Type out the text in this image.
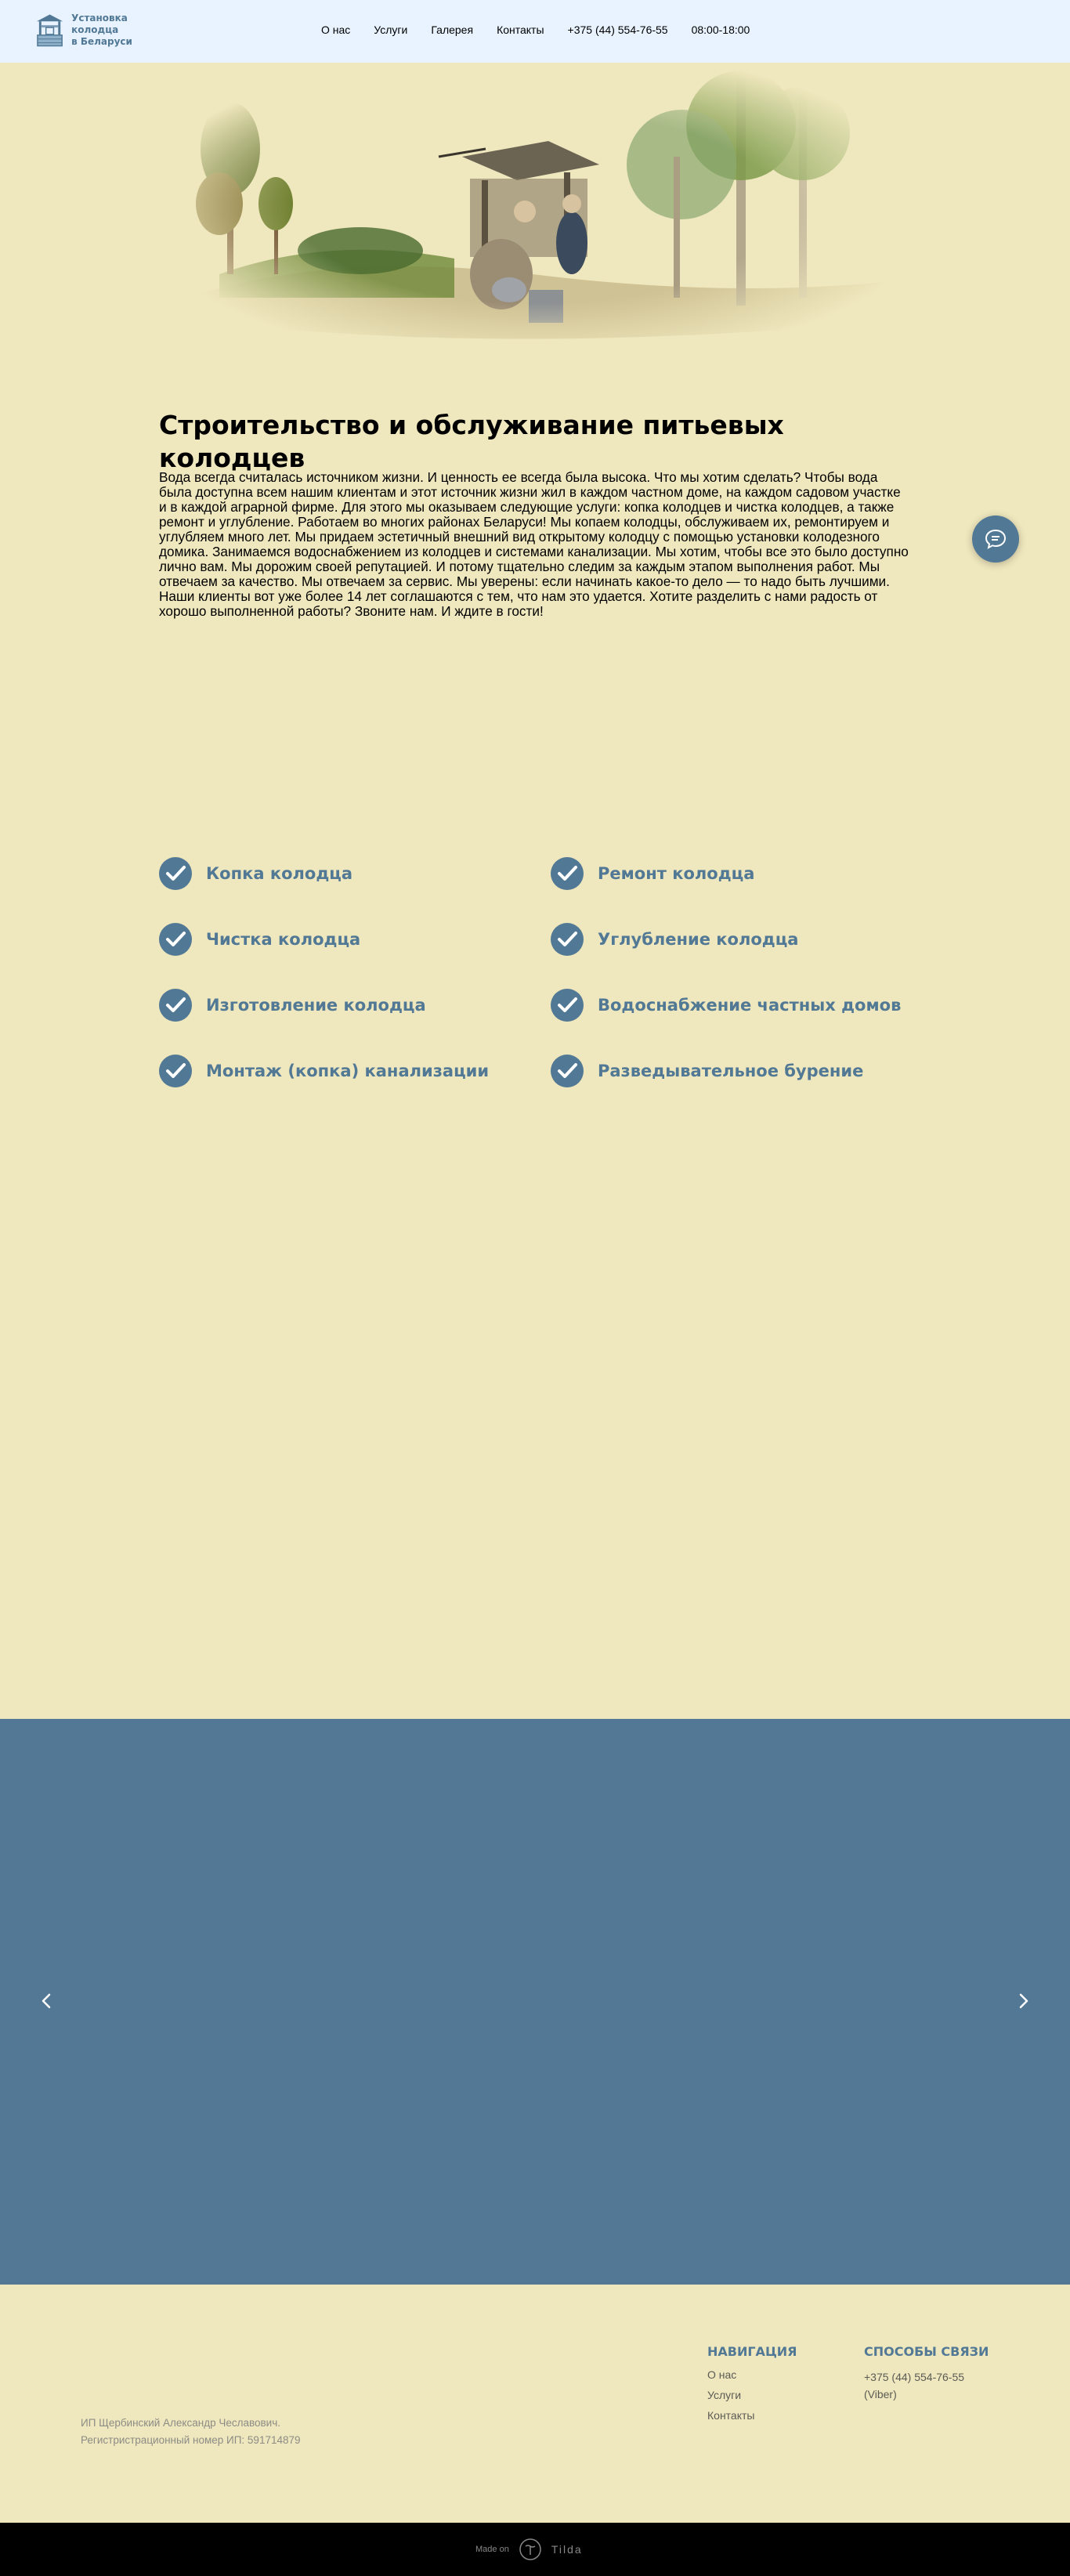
Установка колодца
в Беларуси
О нас Услуги Галерея Контакты +375 (44) 554-76-55 08:00-18:00
Строительство и обслуживание питьевых колодцев

Вода всегда считалась источником жизни. И ценность ее всегда была высока. Что мы хотим сделать? Чтобы вода была доступна всем нашим клиентам и этот источник жизни жил в каждом частном доме, на каждом садовом участке и в каждой аграрной фирме. Для этого мы оказываем следующие услуги: копка колодцев и чистка колодцев, а также ремонт и углубление. Работаем во многих районах Беларуси! Мы копаем колодцы, обслуживаем их, ремонтируем и углубляем много лет. Мы придаем эстетичный внешний вид открытому колодцу с помощью установки колодезного домика. Занимаемся водоснабжением из колодцев и системами канализации. Мы хотим, чтобы все это было доступно лично вам. Мы дорожим своей репутацией. И потому тщательно следим за каждым этапом выполнения работ. Мы отвечаем за качество. Мы отвечаем за сервис. Мы уверены: если начинать какое-то дело — то надо быть лучшими. Наши клиенты вот уже более 14 лет соглашаются с тем, что нам это удается. Хотите разделить с нами радость от хорошо выполненной работы? Звоните нам. И ждите в гости!

Копка колодца	Ремонт колодца
Чистка колодца	Углубление колодца
Изготовление колодца	Водоснабжение частных домов
Монтаж (копка) канализации	Разведывательное бурение
ИП Щербинский Александр Чеславович.
Регистристрационный номер ИП: 591714879
НАВИГАЦИЯ
О нас
Услуги
Контакты
СПОСОБЫ СВЯЗИ
+375 (44) 554-76-55
(Viber)
Made on	Tilda
